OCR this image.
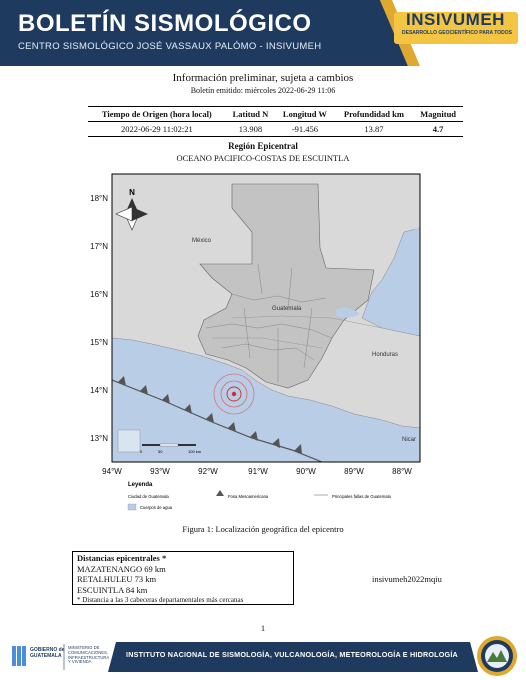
BOLETÍN SISMOLÓGICO
CENTRO SISMOLÓGICO JOSÉ VASSAUX PALÓMO - INSIVUMEH
INSIVUMEH
DESARROLLO GEOCIENTÍFICO PARA TODOS
Información preliminar, sujeta a cambios
Boletín emitido: miércoles 2022-06-29 11:06
Tiempo de Origen (hora local)	Latitud N	Longitud W	Profundidad km	Magnitud
2022-06-29 11:02:21	13.908	-91.456	13.87	4.7
Región Epicentral
OCEANO PACIFICO-COSTAS DE ESCUINTLA
N
México
Guatemala
Honduras
Nicar
0	50	100 km
18°N
17°N
16°N
15°N
14°N
13°N
94°W	93°W	92°W	91°W	90°W	89°W	88°W
Leyenda
Ciudad de Guatemala	Fosa Mesoamericana	Principales fallas de Guatemala
Cuerpos de agua
Figura 1: Localización geográfica del epicentro
Distancias epicentrales *
MAZATENANGO 69 km
RETALHULEU 73 km
ESCUINTLA 84 km
* Distancia a las 3 cabeceras departamentales más cercanas
insivumeh2022mqiu
1
GOBIERNO de
GUATEMALA
MINISTERIO DE
COMUNICACIONES,
INFRAESTRUCTURA
Y VIVIENDA
INSTITUTO NACIONAL DE SISMOLOGÍA, VULCANOLOGÍA, METEOROLOGÍA E HIDROLOGÍA
